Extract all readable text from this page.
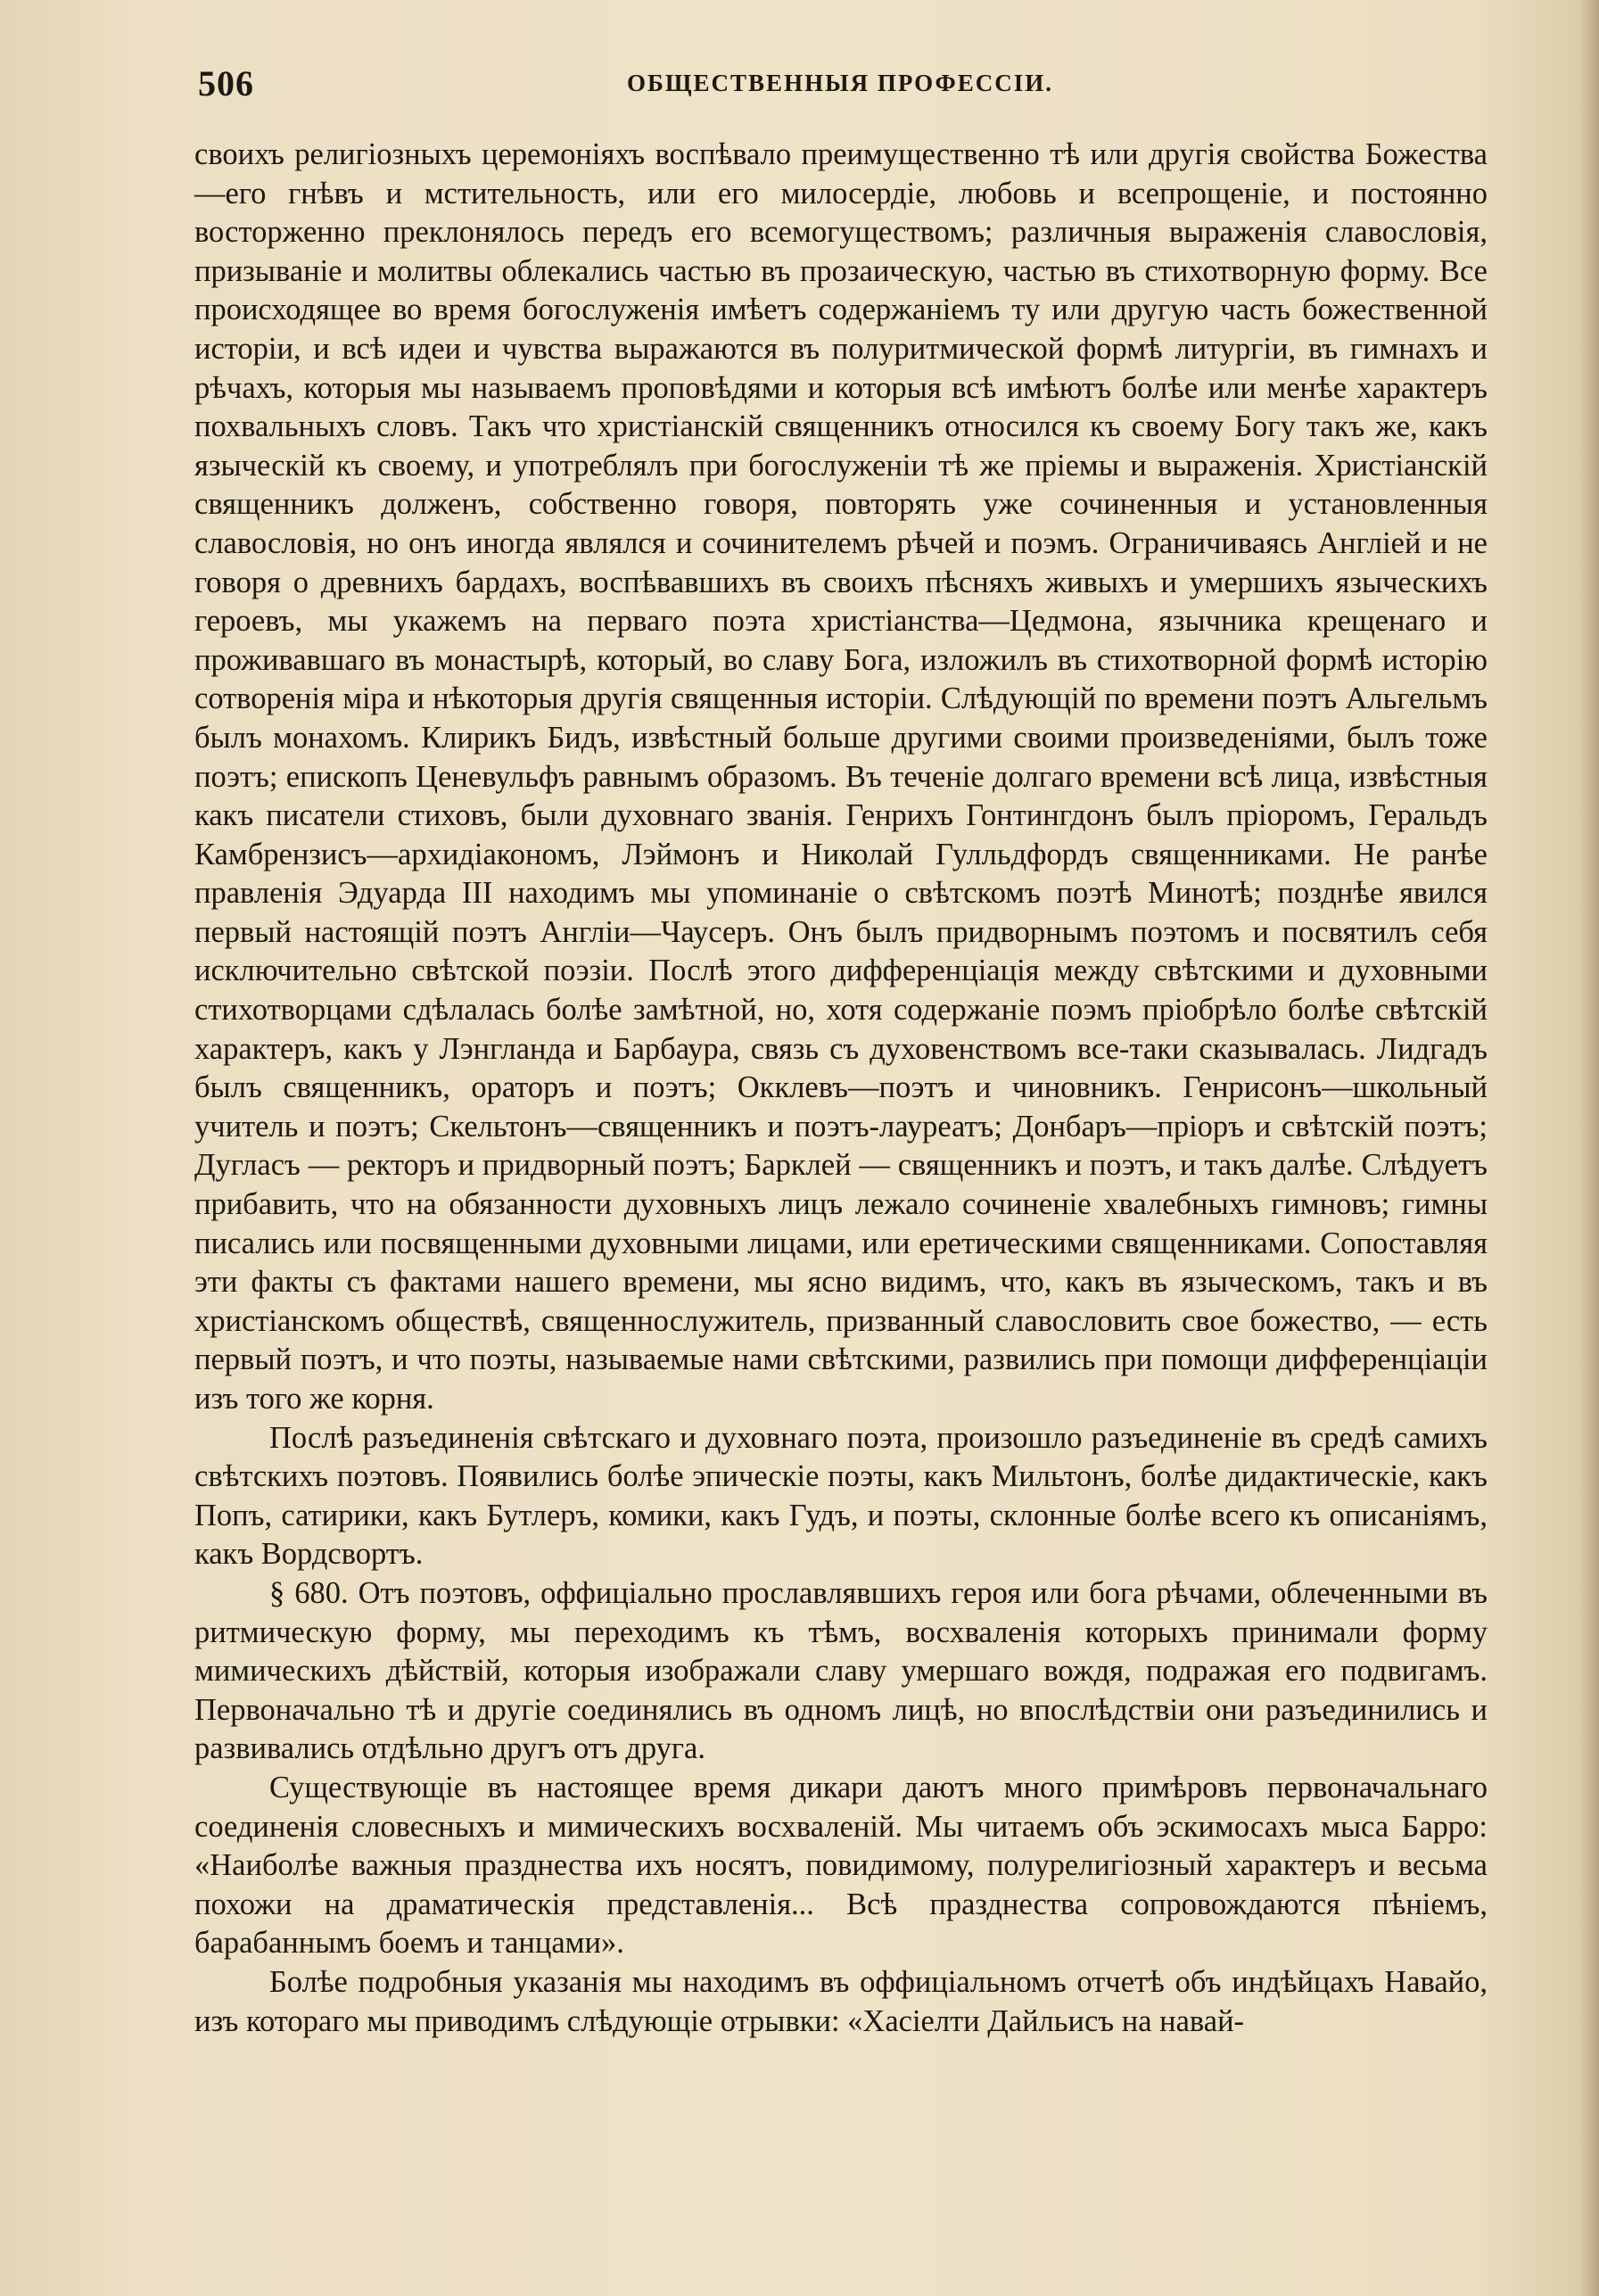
506	ОБЩЕСТВЕННЫЯ ПРОФЕССIИ.

своихъ религiозныхъ церемонiяхъ воспѣвало преимущественно тѣ или другiя свойства Божества—его гнѣвъ и мстительность, или его милосердiе, любовь и всепрощенiе, и постоянно восторженно преклонялось передъ его всемогуществомъ; различныя выраженiя славословiя, призыванiе и молитвы облекались частью въ прозаическую, частью въ стихотворную форму. Все происходящее во время богослуженiя имѣетъ содержанiемъ ту или другую часть божественной исторiи, и всѣ идеи и чувства выражаются въ полуритмической формѣ литургiи, въ гимнахъ и рѣчахъ, которыя мы называемъ проповѣдями и которыя всѣ имѣютъ болѣе или менѣе характеръ похвальныхъ словъ. Такъ что христiанскiй священникъ относился къ своему Богу такъ же, какъ языческiй къ своему, и употреблялъ при богослуженiи тѣ же прiемы и выраженiя. Христiанскiй священникъ долженъ, собственно говоря, повторять уже сочиненныя и установленныя славословiя, но онъ иногда являлся и сочинителемъ рѣчей и поэмъ. Ограничиваясь Англiей и не говоря о древнихъ бардахъ, воспѣвавшихъ въ своихъ пѣсняхъ живыхъ и умершихъ языческихъ героевъ, мы укажемъ на перваго поэта христiанства—Цедмона, язычника крещенаго и проживавшаго въ монастырѣ, который, во славу Бога, изложилъ въ стихотворной формѣ исторiю сотворенiя мiра и нѣкоторыя другiя священныя исторiи. Слѣдующiй по времени поэтъ Альгельмъ былъ монахомъ. Клирикъ Бидъ, извѣстный больше другими своими произведенiями, былъ тоже поэтъ; епископъ Ценевульфъ равнымъ образомъ. Въ теченiе долгаго времени всѣ лица, извѣстныя какъ писатели стиховъ, были духовнаго званiя. Генрихъ Гонтингдонъ былъ прiоромъ, Геральдъ Камбрензисъ—архидiакономъ, Лэймонъ и Николай Гулльдфордъ священниками. Не ранѣе правленiя Эдуарда III находимъ мы упоминанiе о свѣтскомъ поэтѣ Минотѣ; позднѣе явился первый настоящiй поэтъ Англiи—Чаусеръ. Онъ былъ придворнымъ поэтомъ и посвятилъ себя исключительно свѣтской поэзiи. Послѣ этого дифференцiацiя между свѣтскими и духовными стихотворцами сдѣлалась болѣе замѣтной, но, хотя содержанiе поэмъ прiобрѣло болѣе свѣтскiй характеръ, какъ у Лэнгланда и Барбаура, связь съ духовенствомъ все-таки сказывалась. Лидгадъ былъ священникъ, ораторъ и поэтъ; Окклевъ—поэтъ и чиновникъ. Генрисонъ—школьный учитель и поэтъ; Скельтонъ—священникъ и поэтъ-лауреатъ; Донбаръ—прiоръ и свѣтскiй поэтъ; Дугласъ — ректоръ и придворный поэтъ; Барклей — священникъ и поэтъ, и такъ далѣе. Слѣдуетъ прибавить, что на обязанности духовныхъ лицъ лежало сочиненiе хвалебныхъ гимновъ; гимны писались или посвященными духовными лицами, или еретическими священниками. Сопоставляя эти факты съ фактами нашего времени, мы ясно видимъ, что, какъ въ языческомъ, такъ и въ христiанскомъ обществѣ, священнослужитель, призванный славословить свое божество, — есть первый поэтъ, и что поэты, называемые нами свѣтскими, развились при помощи дифференцiацiи изъ того же корня.

Послѣ разъединенiя свѣтскаго и духовнаго поэта, произошло разъединенiе въ средѣ самихъ свѣтскихъ поэтовъ. Появились болѣе эпическiе поэты, какъ Мильтонъ, болѣе дидактическiе, какъ Попъ, сатирики, какъ Бутлеръ, комики, какъ Гудъ, и поэты, склонные болѣе всего къ описанiямъ, какъ Вордсвортъ.

§ 680. Отъ поэтовъ, оффицiально прославлявшихъ героя или бога рѣчами, облеченными въ ритмическую форму, мы переходимъ къ тѣмъ, восхваленiя которыхъ принимали форму мимическихъ дѣйствiй, которыя изображали славу умершаго вождя, подражая его подвигамъ. Первоначально тѣ и другiе соединялись въ одномъ лицѣ, но впослѣдствiи они разъединились и развивались отдѣльно другъ отъ друга.

Существующiе въ настоящее время дикари даютъ много примѣровъ первоначальнаго соединенiя словесныхъ и мимическихъ восхваленiй. Мы читаемъ объ эскимосахъ мыса Барро: «Наиболѣе важныя празднества ихъ носятъ, повидимому, полурелигiозный характеръ и весьма похожи на драматическiя представленiя... Всѣ празднества сопровождаются пѣнiемъ, барабаннымъ боемъ и танцами».

Болѣе подробныя указанiя мы находимъ въ оффицiальномъ отчетѣ объ индѣйцахъ Навайо, изъ котораго мы приводимъ слѣдующiе отрывки: «Хасiелти Дайльисъ на навай-
